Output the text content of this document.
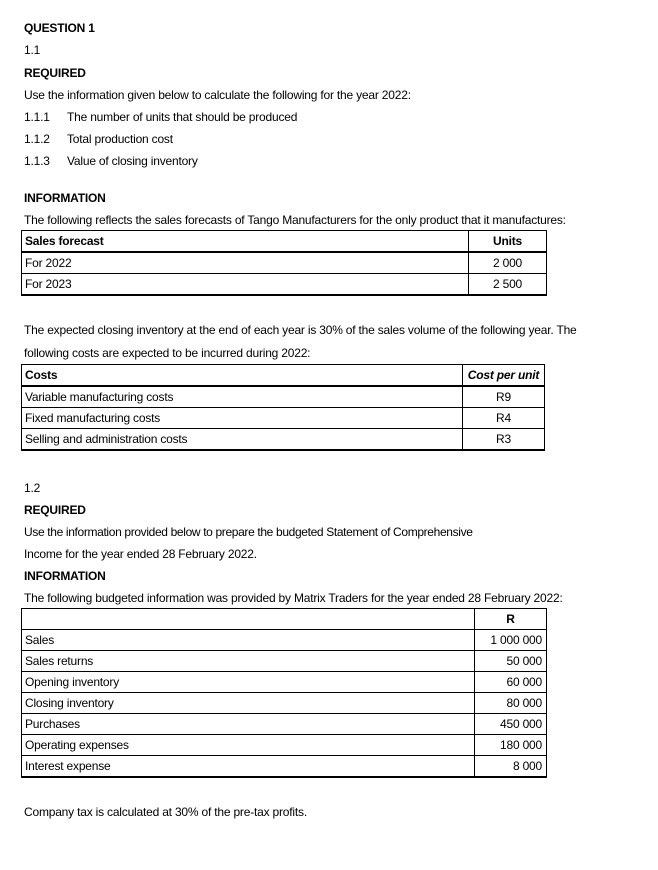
QUESTION 1
1.1
REQUIRED
Use the information given below to calculate the following for the year 2022:
1.1.1 The number of units that should be produced
1.1.2 Total production cost
1.1.3 Value of closing inventory
INFORMATION
The following reflects the sales forecasts of Tango Manufacturers for the only product that it manufactures:
Sales forecast	Units
For 2022	2 000
For 2023	2 500
The expected closing inventory at the end of each year is 30% of the sales volume of the following year. The
following costs are expected to be incurred during 2022:
Costs	Cost per unit
Variable manufacturing costs	R9
Fixed manufacturing costs	R4
Selling and administration costs	R3
1.2
REQUIRED
Use the information provided below to prepare the budgeted Statement of Comprehensive
Income for the year ended 28 February 2022.
INFORMATION
The following budgeted information was provided by Matrix Traders for the year ended 28 February 2022:
	R
Sales	1 000 000
Sales returns	50 000
Opening inventory	60 000
Closing inventory	80 000
Purchases	450 000
Operating expenses	180 000
Interest expense	8 000
Company tax is calculated at 30% of the pre-tax profits.
